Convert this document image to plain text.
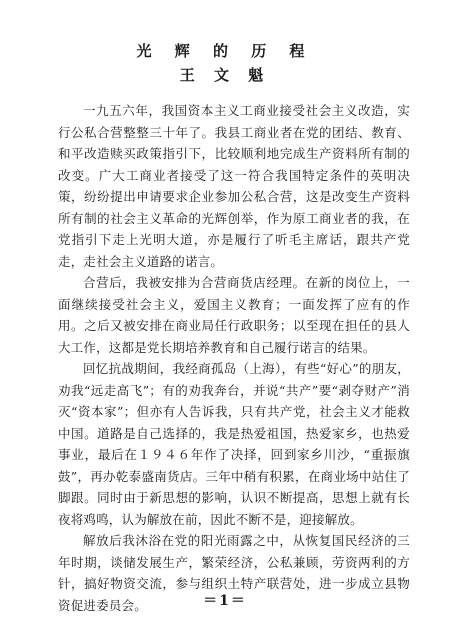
光 辉 的 历 程
王 文 魁

一九五六年，我国资本主义工商业接受社会主义改造，实行公私合营整整三十年了。我县工商业者在党的团结、教育、和平改造赎买政策指引下，比较顺利地完成生产资料所有制的改变。广大工商业者接受了这一符合我国特定条件的英明决策，纷纷提出申请要求企业参加公私合营，这是改变生产资料所有制的社会主义革命的光辉创举，作为原工商业者的我，在党指引下走上光明大道，亦是履行了听毛主席话，跟共产党走，走社会主义道路的诺言。

合营后，我被安排为合营商货店经理。在新的岗位上，一面继续接受社会主义，爱国主义教育；一面发挥了应有的作用。之后又被安排在商业局任行政职务；以至现在担任的县人大工作，这都是党长期培养教育和自己履行诺言的结果。

回忆抗战期间，我经商孤岛（上海），有些“好心”的朋友，劝我“远走高飞”；有的劝我奔台，并说“共产”要“剥夺财产”消灭“资本家”；但亦有人告诉我，只有共产党，社会主义才能救中国。道路是自己选择的，我是热爱祖国，热爱家乡，也热爱事业，最后在１９４６年作了决择，回到家乡川沙，“重振旗鼓”，再办乾泰盛南货店。三年中稍有积累，在商业场中站住了脚跟。同时由于新思想的影响，认识不断提高，思想上就有长夜将鸡鸣，认为解放在前，因此不断不是，迎接解放。

解放后我沐浴在党的阳光雨露之中，从恢复国民经济的三年时期，谈储发展生产，繁荣经济，公私兼顾，劳资两利的方针，搞好物资交流，参与组织土特产联营处，进一步成立县物资促进委员会。	＝1＝
